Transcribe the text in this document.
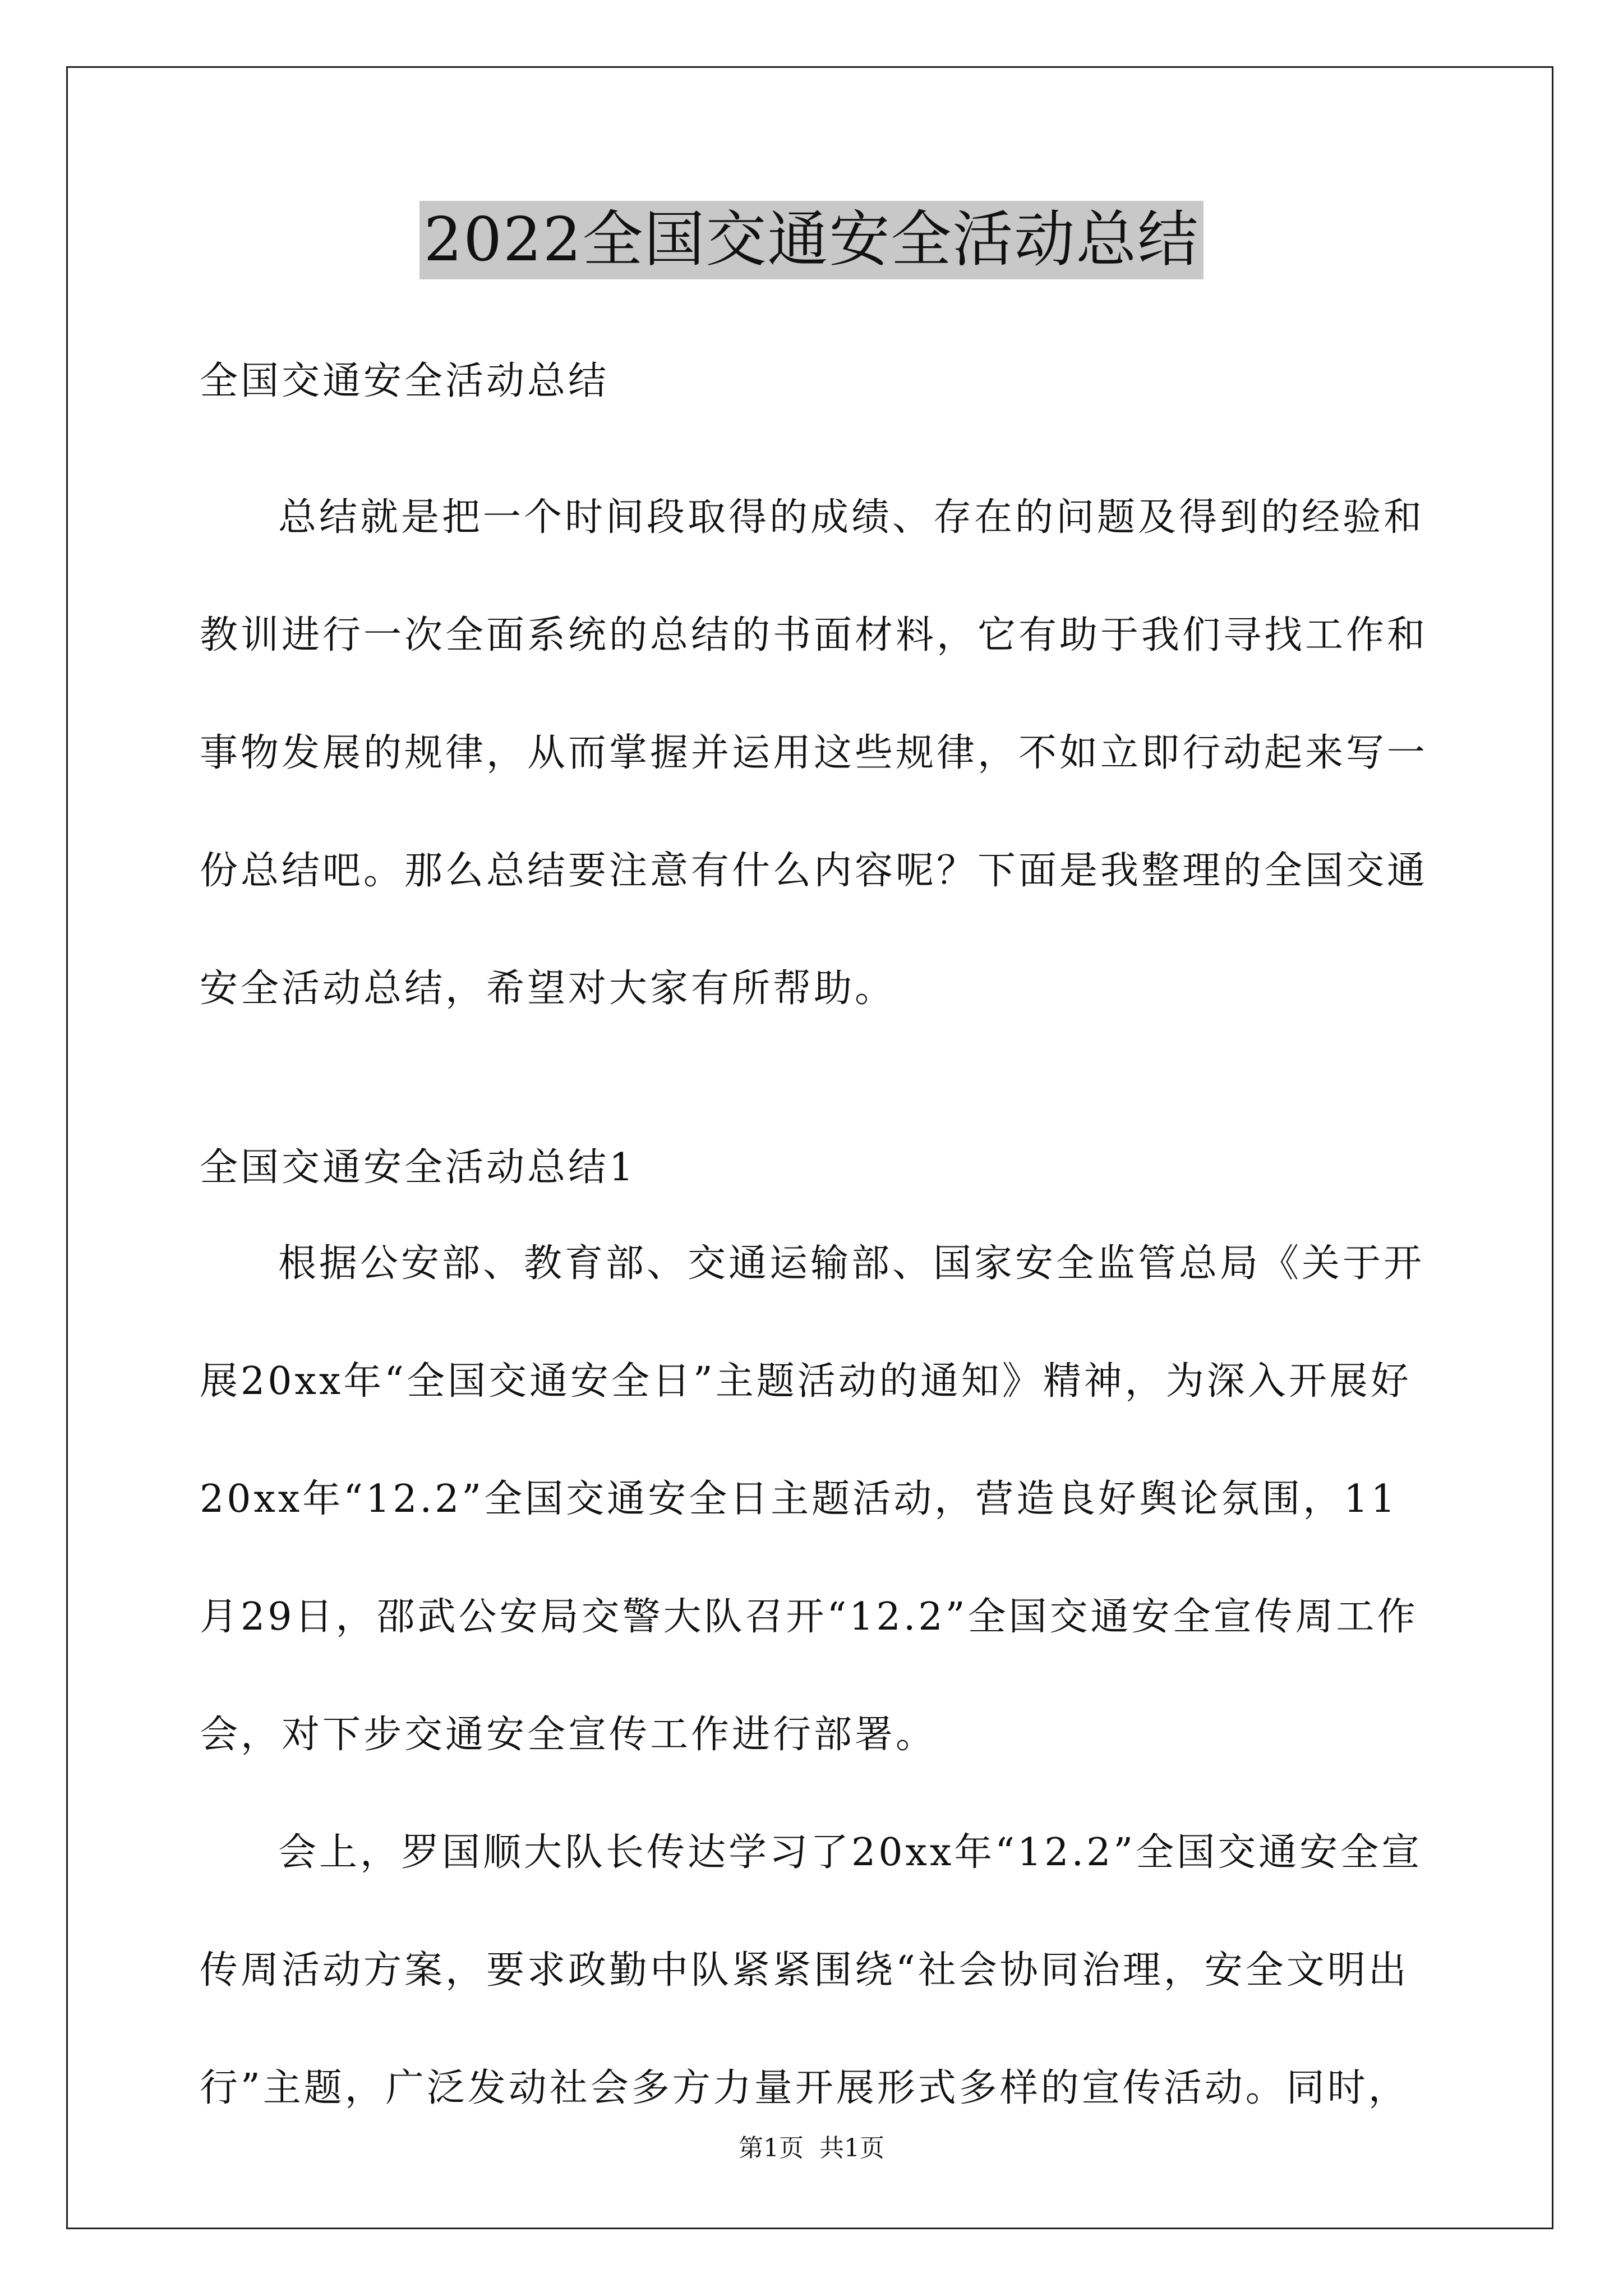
2022全国交通安全活动总结
全国交通安全活动总结
总结就是把一个时间段取得的成绩、存在的问题及得到的经验和
教训进行一次全面系统的总结的书面材料，它有助于我们寻找工作和
事物发展的规律，从而掌握并运用这些规律，不如立即行动起来写一
份总结吧。那么总结要注意有什么内容呢？下面是我整理的全国交通
安全活动总结，希望对大家有所帮助。
全国交通安全活动总结1
根据公安部、教育部、交通运输部、国家安全监管总局《关于开
展20xx年“全国交通安全日”主题活动的通知》精神，为深入开展好
20xx年“12.2”全国交通安全日主题活动，营造良好舆论氛围，11
月29日，邵武公安局交警大队召开“12.2”全国交通安全宣传周工作
会，对下步交通安全宣传工作进行部署。
会上，罗国顺大队长传达学习了20xx年“12.2”全国交通安全宣
传周活动方案，要求政勤中队紧紧围绕“社会协同治理，安全文明出
行”主题，广泛发动社会多方力量开展形式多样的宣传活动。同时，
第1页 共1页
